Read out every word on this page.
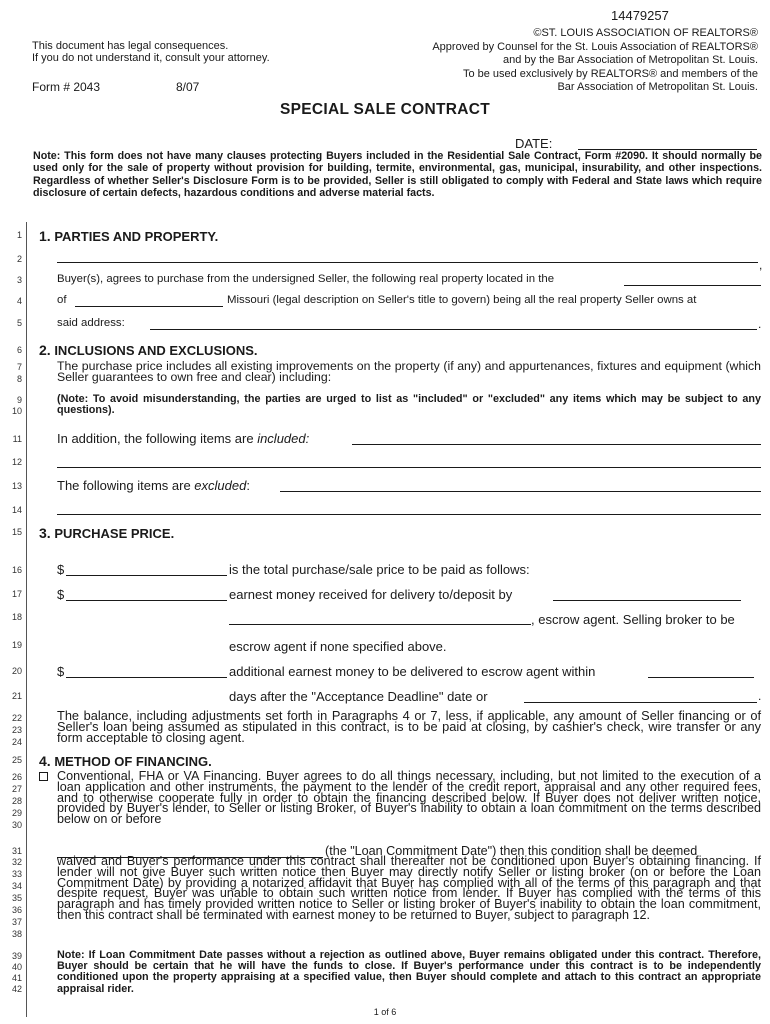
14479257
This document has legal consequences.
If you do not understand it, consult your attorney.
©ST. LOUIS ASSOCIATION OF REALTORS®
Approved by Counsel for the St. Louis Association of REALTORS®
and by the Bar Association of Metropolitan St. Louis.
To be used exclusively by REALTORS® and members of the
Bar Association of Metropolitan St. Louis.
Form # 2043	8/07
SPECIAL SALE CONTRACT
DATE:
Note: This form does not have many clauses protecting Buyers included in the Residential Sale Contract, Form #2090. It should normally be used only for the sale of property without provision for building, termite, environmental, gas, municipal, insurability, and other inspections. Regardless of whether Seller's Disclosure Form is to be provided, Seller is still obligated to comply with Federal and State laws which require disclosure of certain defects, hazardous conditions and adverse material facts.
1
2
3
4
5
6
7
8
9
10
11
12
13
14
15
16
17
18
19
20
21
22
23
24
25
26
27
28
29
30
31
32
33
34
35
36
37
38
39
40
41
42
1. PARTIES AND PROPERTY.
,
Buyer(s), agrees to purchase from the undersigned Seller, the following real property located in the
of	Missouri (legal description on Seller's title to govern) being all the real property Seller owns at
said address:	.
2. INCLUSIONS AND EXCLUSIONS.
The purchase price includes all existing improvements on the property (if any) and appurtenances, fixtures and equipment (which Seller guarantees to own free and clear) including:
(Note: To avoid misunderstanding, the parties are urged to list as "included" or "excluded" any items which may be subject to any questions).
In addition, the following items are included:
The following items are excluded:
3. PURCHASE PRICE.
$	is the total purchase/sale price to be paid as follows:
$	earnest money received for delivery to/deposit by
, escrow agent. Selling broker to be
escrow agent if none specified above.
$	additional earnest money to be delivered to escrow agent within
days after the "Acceptance Deadline" date or	.
The balance, including adjustments set forth in Paragraphs 4 or 7, less, if applicable, any amount of Seller financing or of Seller's loan being assumed as stipulated in this contract, is to be paid at closing, by cashier's check, wire transfer or any form acceptable to closing agent.
4. METHOD OF FINANCING.
Conventional, FHA or VA Financing. Buyer agrees to do all things necessary, including, but not limited to the execution of a loan application and other instruments, the payment to the lender of the credit report, appraisal and any other required fees, and to otherwise cooperate fully in order to obtain the financing described below. If Buyer does not deliver written notice, provided by Buyer's lender, to Seller or listing Broker, of Buyer's inability to obtain a loan commitment on the terms described below on or before
(the "Loan Commitment Date") then this condition shall be deemed
waived and Buyer's performance under this contract shall thereafter not be conditioned upon Buyer's obtaining financing. If lender will not give Buyer such written notice then Buyer may directly notify Seller or listing broker (on or before the Loan Commitment Date) by providing a notarized affidavit that Buyer has complied with all of the terms of this paragraph and that despite request, Buyer was unable to obtain such written notice from lender. If Buyer has complied with the terms of this paragraph and has timely provided written notice to Seller or listing broker of Buyer's inability to obtain the loan commitment, then this contract shall be terminated with earnest money to be returned to Buyer, subject to paragraph 12.
Note: If Loan Commitment Date passes without a rejection as outlined above, Buyer remains obligated under this contract. Therefore, Buyer should be certain that he will have the funds to close. If Buyer's performance under this contract is to be independently conditioned upon the property appraising at a specified value, then Buyer should complete and attach to this contract an appropriate appraisal rider.
1 of 6
